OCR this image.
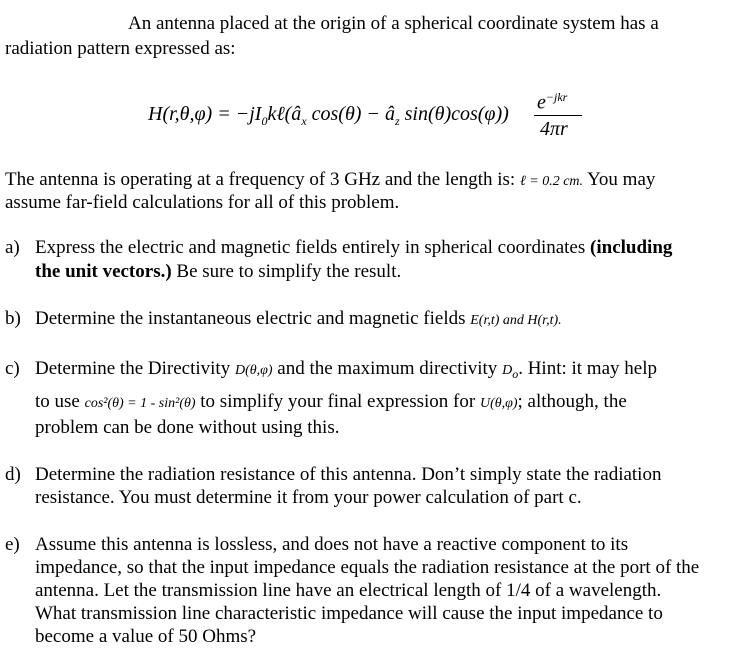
An antenna placed at the origin of a spherical coordinate system has a
radiation pattern expressed as:
$H(r,\theta,\varphi) = -jI_0k\ell(â_x$ $\cos(\theta) - â_z$ sin(θ)cos(φ))
$e^{-jkr}$
4πr
The antenna is operating at a frequency of 3 GHz and the length is: ℓ = 0.2 cm. You may
assume far-field calculations for all of this problem.
a) Express the electric and magnetic fields entirely in spherical coordinates (including
the unit vectors.) Be sure to simplify the result.
b) Determine the instantaneous electric and magnetic fields E(r,t) and H(r,t).
c) Determine the Directivity D(θ,φ) and the maximum directivity $D_o$. Hint: it may help
to use cos²(θ) = 1 - sin²(θ) to simplify your final expression for U(θ,φ); although, the
problem can be done without using this.
d) Determine the radiation resistance of this antenna. Don’t simply state the radiation
resistance. You must determine it from your power calculation of part c.
e) Assume this antenna is lossless, and does not have a reactive component to its
impedance, so that the input impedance equals the radiation resistance at the port of the
antenna. Let the transmission line have an electrical length of 1/4 of a wavelength.
What transmission line characteristic impedance will cause the input impedance to
become a value of 50 Ohms?
